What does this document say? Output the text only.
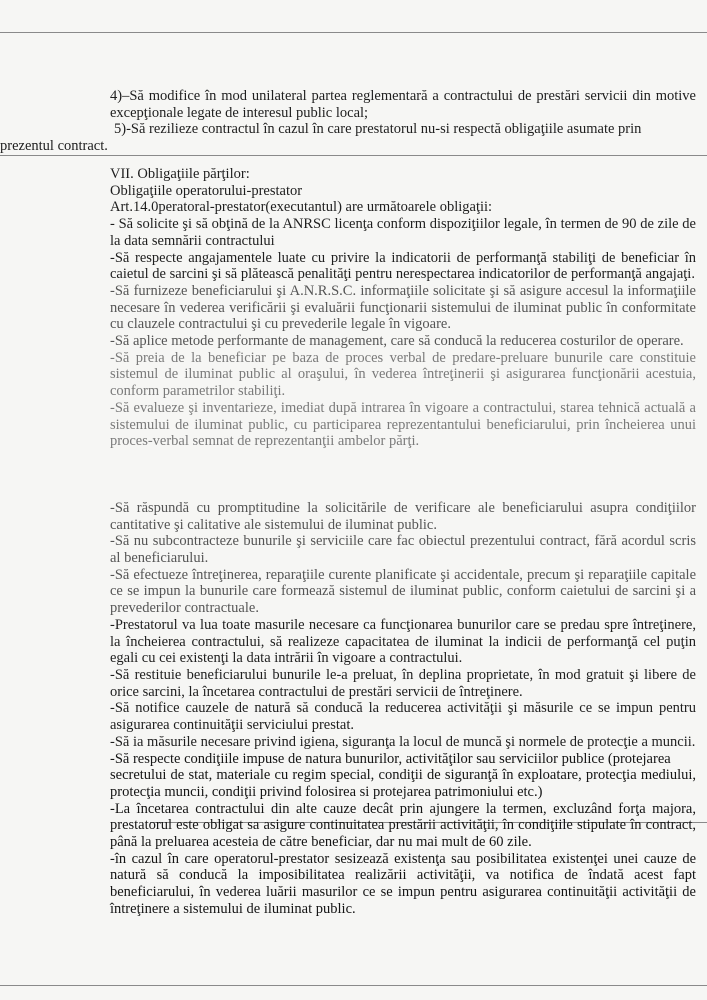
4)–Să modifice în mod unilateral partea reglementară a contractului de prestări servicii din motive excepţionale legate de interesul public local;

5)-Să rezilieze contractul în cazul în care prestatorul nu-si respectă obligaţiile asumate prin

prezentul contract.

VII. Obligaţiile părţilor:

Obligaţiile operatorului-prestator

Art.14.0peratoral-prestator(executantul) are următoarele obligaţii:

- Să solicite şi să obţină de la ANRSC licenţa conform dispoziţiilor legale, în termen de 90 de zile de la data semnării contractului

-Să respecte angajamentele luate cu privire la indicatorii de performanţă stabiliţi de beneficiar în caietul de sarcini şi să plătească penalităţi pentru nerespectarea indicatorilor de performanţă angajaţi.

-Să furnizeze beneficiarului şi A.N.R.S.C. informaţiile solicitate şi să asigure accesul la informaţiile necesare în vederea verificării şi evaluării funcţionarii sistemului de iluminat public în conformitate cu clauzele contractului şi cu prevederile legale în vigoare.

-Să aplice metode performante de management, care să conducă la reducerea costurilor de operare.

-Să preia de la beneficiar pe baza de proces verbal de predare-preluare bunurile care constituie sistemul de iluminat public al oraşului, în vederea întreţinerii şi asigurarea funcţionării acestuia, conform parametrilor stabiliţi.

-Să evalueze şi inventarieze, imediat după intrarea în vigoare a contractului, starea tehnică actuală a sistemului de iluminat public, cu participarea reprezentantului beneficiarului, prin încheierea unui proces-verbal semnat de reprezentanţii ambelor părţi.

-Să răspundă cu promptitudine la solicitările de verificare ale beneficiarului asupra condiţiilor cantitative şi calitative ale sistemului de iluminat public.

-Să nu subcontracteze bunurile şi serviciile care fac obiectul prezentului contract, fără acordul scris al beneficiarului.

-Să efectueze întreţinerea, reparaţiile curente planificate şi accidentale, precum şi reparaţiile capitale ce se impun la bunurile care formează sistemul de iluminat public, conform caietului de sarcini şi a prevederilor contractuale.

-Prestatorul va lua toate masurile necesare ca funcţionarea bunurilor care se predau spre întreţinere, la încheierea contractului, să realizeze capacitatea de iluminat la indicii de performanţă cel puţin egali cu cei existenţi la data intrării în vigoare a contractului.

-Să restituie beneficiarului bunurile le-a preluat, în deplina proprietate, în mod gratuit şi libere de orice sarcini, la încetarea contractului de prestări servicii de întreţinere.

-Să notifice cauzele de natură să conducă la reducerea activităţii şi măsurile ce se impun pentru asigurarea continuităţii serviciului prestat.

-Să ia măsurile necesare privind igiena, siguranţa la locul de muncă şi normele de protecţie a muncii.

-Să respecte condiţiile impuse de natura bunurilor, activităţilor sau serviciilor publice (protejarea

secretului de stat, materiale cu regim special, condiţii de siguranţă în exploatare, protecţia mediului, protecţia muncii, condiţii privind folosirea si protejarea patrimoniului etc.)

-La încetarea contractului din alte cauze decât prin ajungere la termen, excluzând forţa majora, prestatorul este obligat sa asigure continuitatea prestării activităţii, în condiţiile stipulate în contract, până la preluarea acesteia de către beneficiar, dar nu mai mult de 60 zile.

-în cazul în care operatorul-prestator sesizează existenţa sau posibilitatea existenţei unei cauze de natură să conducă la imposibilitatea realizării activităţii, va notifica de îndată acest fapt beneficiarului, în vederea luării masurilor ce se impun pentru asigurarea continuităţii activităţii de întreţinere a sistemului de iluminat public.
